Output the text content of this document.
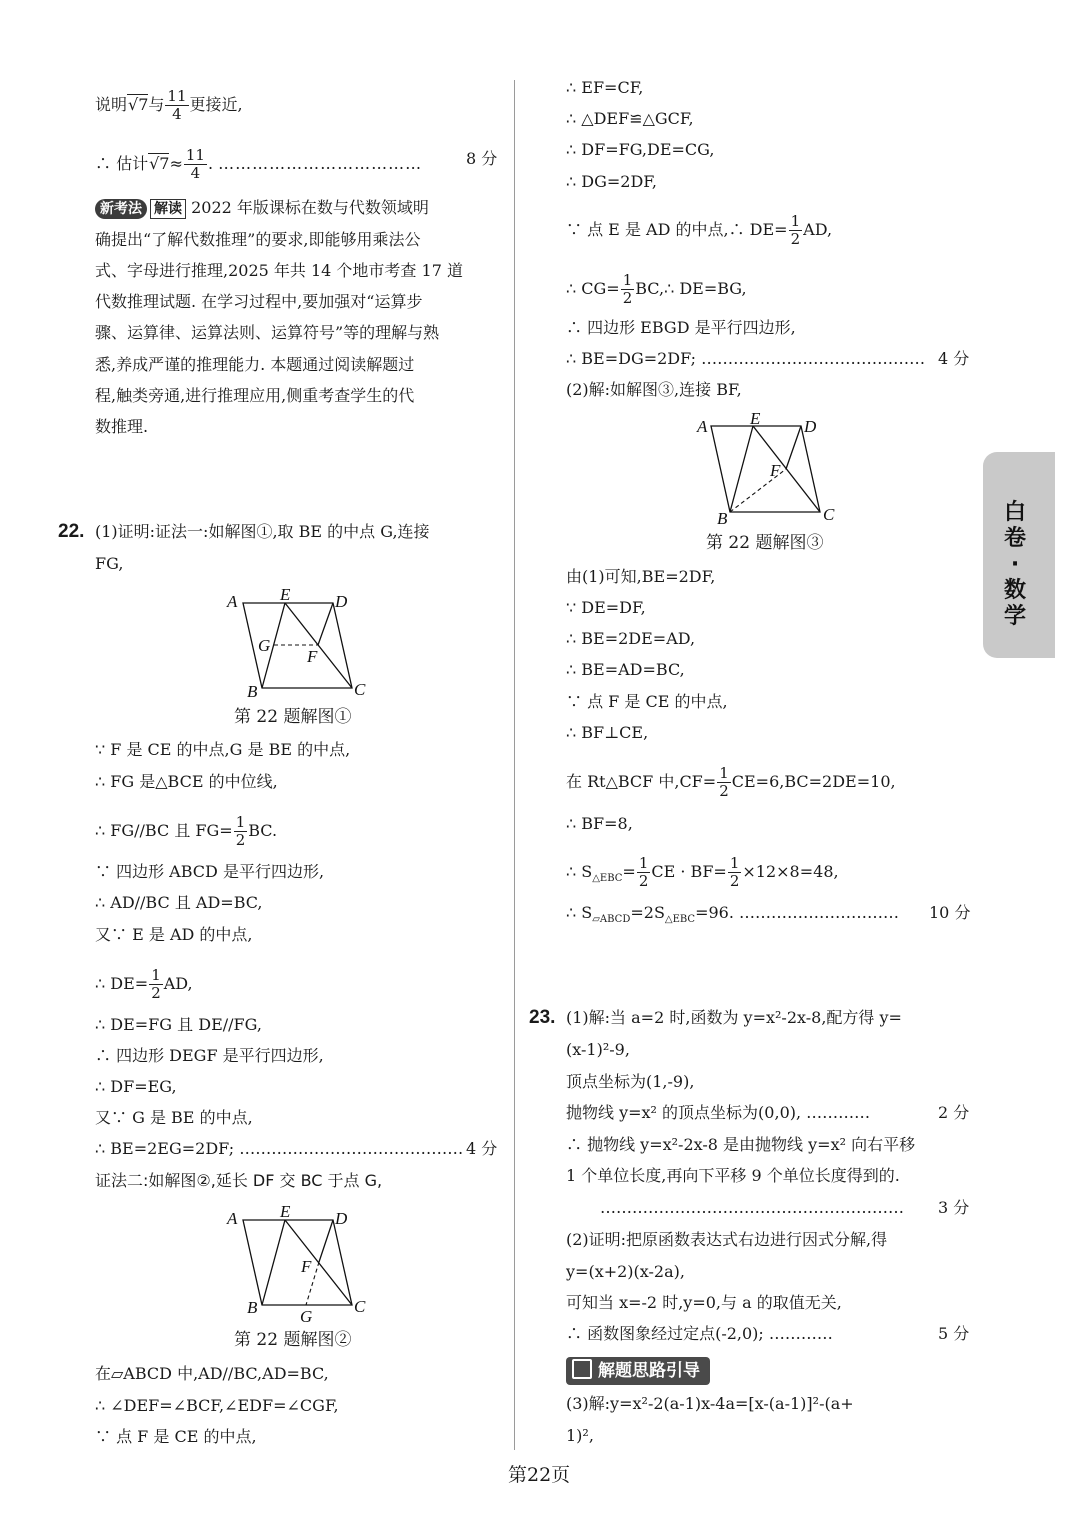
说明√7与 $\frac{11}{4}$ 更接近,
∴ 估计$√7\approx \frac{11}{4}$ . ………………………………	8 分
新考法 解读 2022 年版课标在数与代数领域明
确提出“了解代数推理”的要求,即能够用乘法公
式、字母进行推理,2025 年共 14 个地市考查 17 道
代数推理试题. 在学习过程中,要加强对“运算步
骤、运算律、运算法则、运算符号”等的理解与熟
悉,养成严谨的推理能力. 本题通过阅读解题过
程,触类旁通,进行推理应用,侧重考查学生的代
数推理.
22. (1)证明:证法一:如解图①,取 BE 的中点 G,连接
FG,
A	E	D
G
F
B	C
第 22 题解图①
∵ F 是 CE 的中点,G 是 BE 的中点,
∴ FG 是△BCE 的中位线,
∴ FG//BC 且 $FG= \frac{1}{2}$ BC.
∵ 四边形 ABCD 是平行四边形,
∴ AD//BC 且 AD=BC,
又∵ E 是 AD 的中点,
∴ $DE= \frac{1}{2}$ AD,
∴ DE=FG 且 DE//FG,
∴ 四边形 DEGF 是平行四边形,
∴ DF=EG,
又∵ G 是 BE 的中点,
∴ BE=2EG=2DF; …………………………………… 4 分
证法二:如解图②,延长 DF 交 BC 于点 G,
A	E	D
F
B	G
C
第 22 题解图②
在▱ABCD 中,AD//BC,AD=BC,
∴ ∠DEF=∠BCF,∠EDF=∠CGF,
∵ 点 F 是 CE 的中点,
∴ EF=CF,
∴ △DEF≌△GCF,
∴ DF=FG,DE=CG,
∴ DG=2DF,
∵ 点 E 是 AD 的中点,∴ $DE= \frac{1}{2}$ AD,
∴ $CG= \frac{1}{2}$ BC,∴ DE=BG,
∴ 四边形 EBGD 是平行四边形,
∴ BE=DG=2DF; …………………………………… 4 分
(2)解:如解图③,连接 BF,
A	E	D
F
B	C
第 22 题解图③
由(1)可知,BE=2DF,
∵ DE=DF,
∴ BE=2DE=AD,
∴ BE=AD=BC,
∵ 点 F 是 CE 的中点,
∴ BF⊥CE,
在 Rt△BCF 中$,CF= \frac{1}{2} CE=6,BC=2DE=10$,
∴ BF=8,
∴ $S_{\triangle EBC}= \frac{1}{2}$ CE · $BF= \frac{1}{2} \times 12\times 8=48$,
∴ $S_{▱ABCD}=2S_{\triangle EBC}=96$. ………………………… 10 分
23. (1)解:当 a=2 时,函数为 y=x²-2x-8,配方得 y=
(x-1)²-9,
顶点坐标为(1,-9),
抛物线 y=x² 的顶点坐标为(0,0), …………	2 分
∴ 抛物线 y=x²-2x-8 是由抛物线 y=x² 向右平移
1 个单位长度,再向下平移 9 个单位长度得到的.
………………………………………………… 3 分
(2)证明:把原函数表达式右边进行因式分解,得
y=(x+2)(x-2a),
可知当 x=-2 时,y=0,与 a 的取值无关,
∴ 函数图象经过定点(-2,0); …………	5 分
解题思路引导
(3)解:y=x²-2(a-1)x-4a=[x-(a-1)]²-(a+
1)²,
白卷·数学
第22页
